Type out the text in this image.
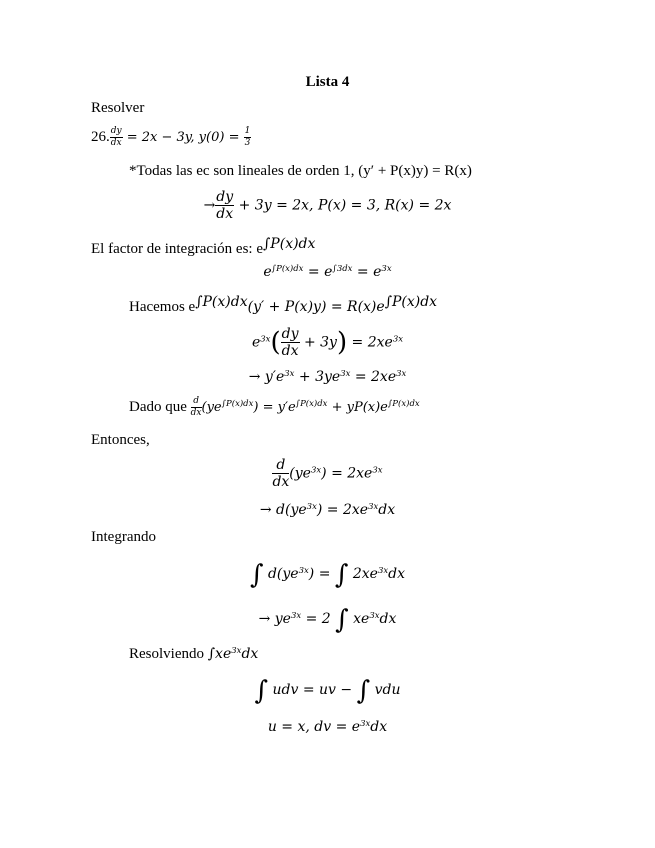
Lista 4
Resolver
26. $\frac{dy}{dx} = 2x - 3y$, $y(0) = \frac{1}{3}$
*Todas las ec son lineales de orden 1, (y′ + P(x)y) = R(x)
→ $\frac{dy}{dx} + 3y = 2x$, P(x) = 3, R(x) = 2x
El factor de integración es: $e^{\int P(x)dx}$
$e^{\int P(x)dx} = e^{\int 3dx} = e^{3x}$
Hacemos $e^{\int P(x)dx}(y' + P(x)y) = R(x)e^{\int P(x)dx}$
$e^{3x}( \frac{dy}{dx} + 3y) = 2xe^{3x}$
→ $y'e^{3x} + 3ye^{3x} = 2xe^{3x}$
Dado que $\frac{d}{dx} (ye^{\int P(x)dx}) = y'e^{\int P(x)dx} + yP(x)e^{\int P(x)dx}$
Entonces,
$\frac{d}{dx} (ye^{3x}) = 2xe^{3x}$
→ $d(ye^{3x}) = 2xe^{3x}dx$
Integrando
∫ $d(ye^{3x})$ = ∫ $2xe^{3x}dx$
→ $ye^{3x} = 2$ ∫ $xe^{3x}dx$
Resolviendo $\int xe^{3x}dx$
∫ udv = uv − ∫ vdu
u = x, dv = $e^{3x}dx$
